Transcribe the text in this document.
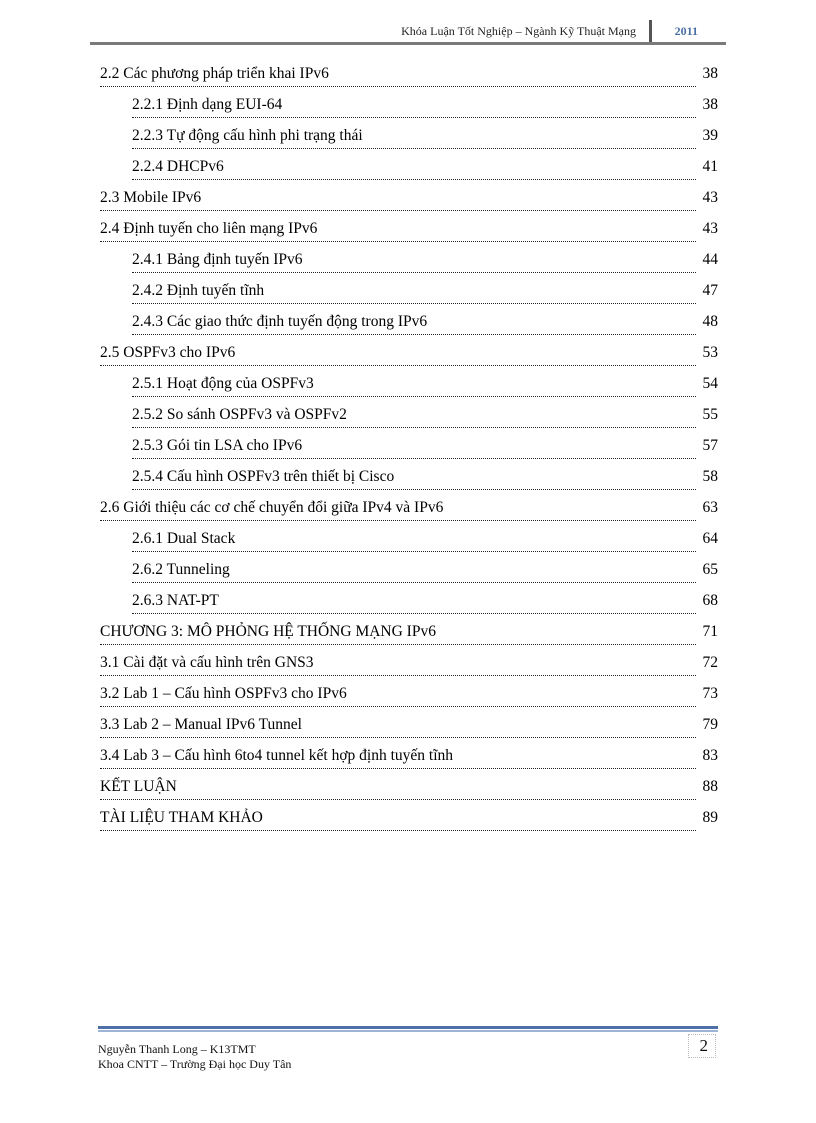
Khóa Luận Tốt Nghiệp – Ngành Kỹ Thuật Mạng	2011
2.2 Các phương pháp triển khai IPv6	38
2.2.1 Định dạng EUI-64	38
2.2.3 Tự động cấu hình phi trạng thái	39
2.2.4 DHCPv6	41
2.3 Mobile IPv6	43
2.4 Định tuyến cho liên mạng IPv6	43
2.4.1 Bảng định tuyến IPv6	44
2.4.2 Định tuyến tĩnh	47
2.4.3 Các giao thức định tuyến động trong IPv6	48
2.5 OSPFv3 cho IPv6	53
2.5.1 Hoạt động của OSPFv3	54
2.5.2 So sánh OSPFv3 và OSPFv2	55
2.5.3 Gói tin LSA cho IPv6	57
2.5.4 Cấu hình OSPFv3 trên thiết bị Cisco	58
2.6 Giới thiệu các cơ chế chuyển đổi giữa IPv4 và IPv6	63
2.6.1 Dual Stack	64
2.6.2 Tunneling	65
2.6.3 NAT-PT	68
CHƯƠNG 3: MÔ PHỎNG HỆ THỐNG MẠNG IPv6	71
3.1 Cài đặt và cấu hình trên GNS3	72
3.2 Lab 1 – Cấu hình OSPFv3 cho IPv6	73
3.3 Lab 2 – Manual IPv6 Tunnel	79
3.4 Lab 3 – Cấu hình 6to4 tunnel kết hợp định tuyến tĩnh	83
KẾT LUẬN	88
TÀI LIỆU THAM KHẢO	89
Nguyễn Thanh Long – K13TMT
Khoa CNTT – Trường Đại học Duy Tân
2
